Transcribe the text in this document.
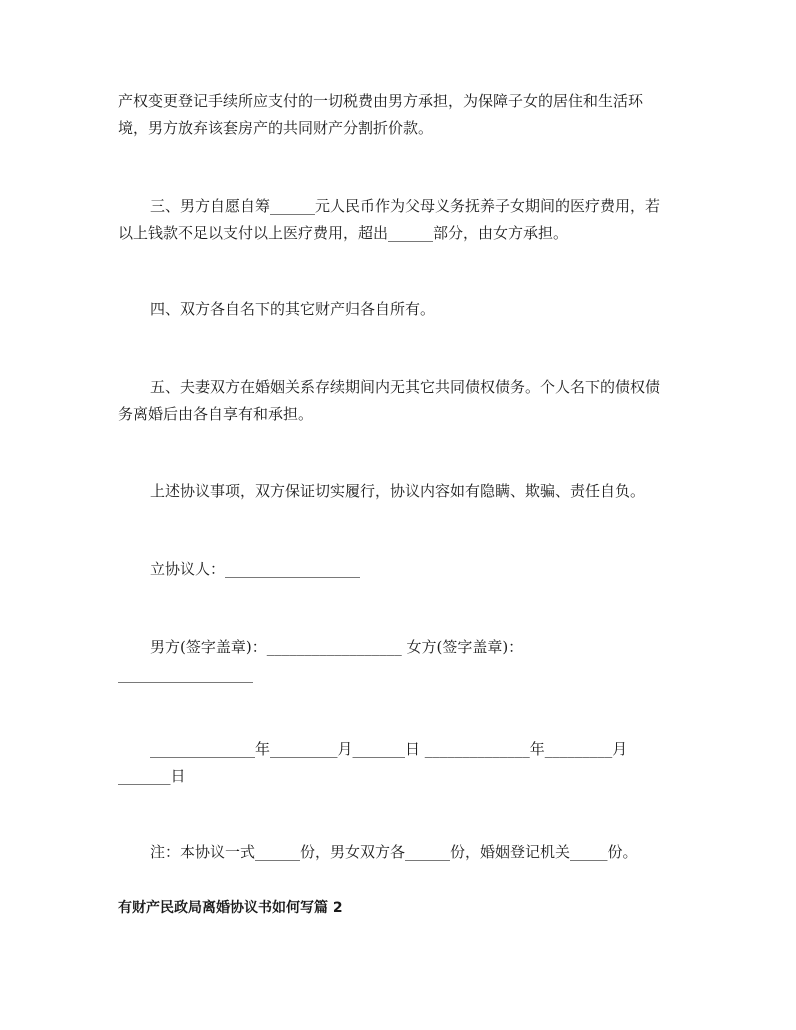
产权变更登记手续所应支付的一切税费由男方承担，为保障子女的居住和生活环
境，男方放弃该套房产的共同财产分割折价款。

三、男方自愿自筹______元人民币作为父母义务抚养子女期间的医疗费用，若
以上钱款不足以支付以上医疗费用，超出______部分，由女方承担。

四、双方各自名下的其它财产归各自所有。

五、夫妻双方在婚姻关系存续期间内无其它共同债权债务。个人名下的债权债
务离婚后由各自享有和承担。

上述协议事项，双方保证切实履行，协议内容如有隐瞒、欺骗、责任自负。

立协议人：__________________

男方(签字盖章)：__________________ 女方(签字盖章)：
__________________

______________年_________月_______日 ______________年_________月
_______日

注：本协议一式______份，男女双方各______份，婚姻登记机关_____份。

有财产民政局离婚协议书如何写篇 2
